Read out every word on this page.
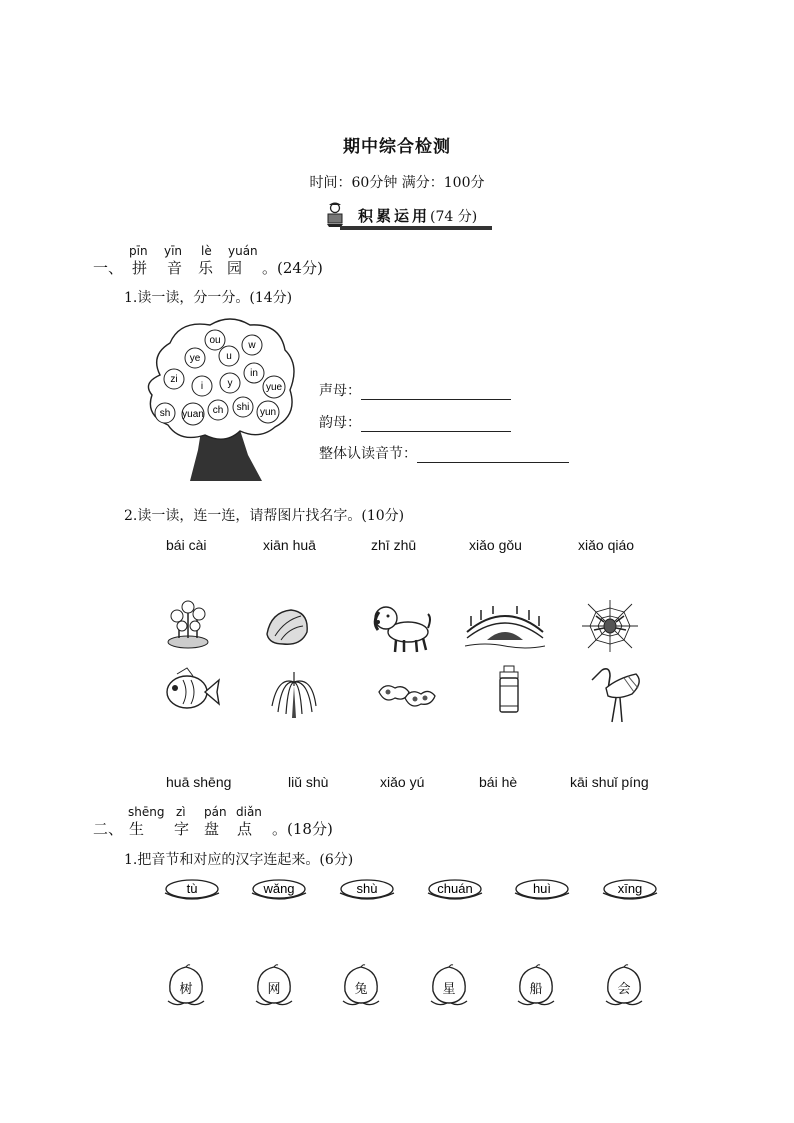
期中综合检测
时间：60分钟 满分：100分
积累运用(74 分)
pīn yīn lè yuán
一、 拼 音 乐 园 。(24分)
1.读一读，分一分。(14分)
ou	w
ye	u
zi
i y
in
yue
sh yuan ch shi yun
声母：
韵母：
整体认读音节：
2.读一读，连一连，请帮图片找名字。(10分)
bái cài	xiān huā	zhī zhū	xiǎo gǒu	xiǎo qiáo
huā shēng	liǔ shù	xiǎo yú	bái hè	kāi shuǐ píng
shēng zì pán diǎn
二、 生 字 盘 点 。(18分)
1.把音节和对应的汉字连起来。(6分)
tù	wǎng	shù	chuán	huì	xīng
树	网	兔	星	船	会
